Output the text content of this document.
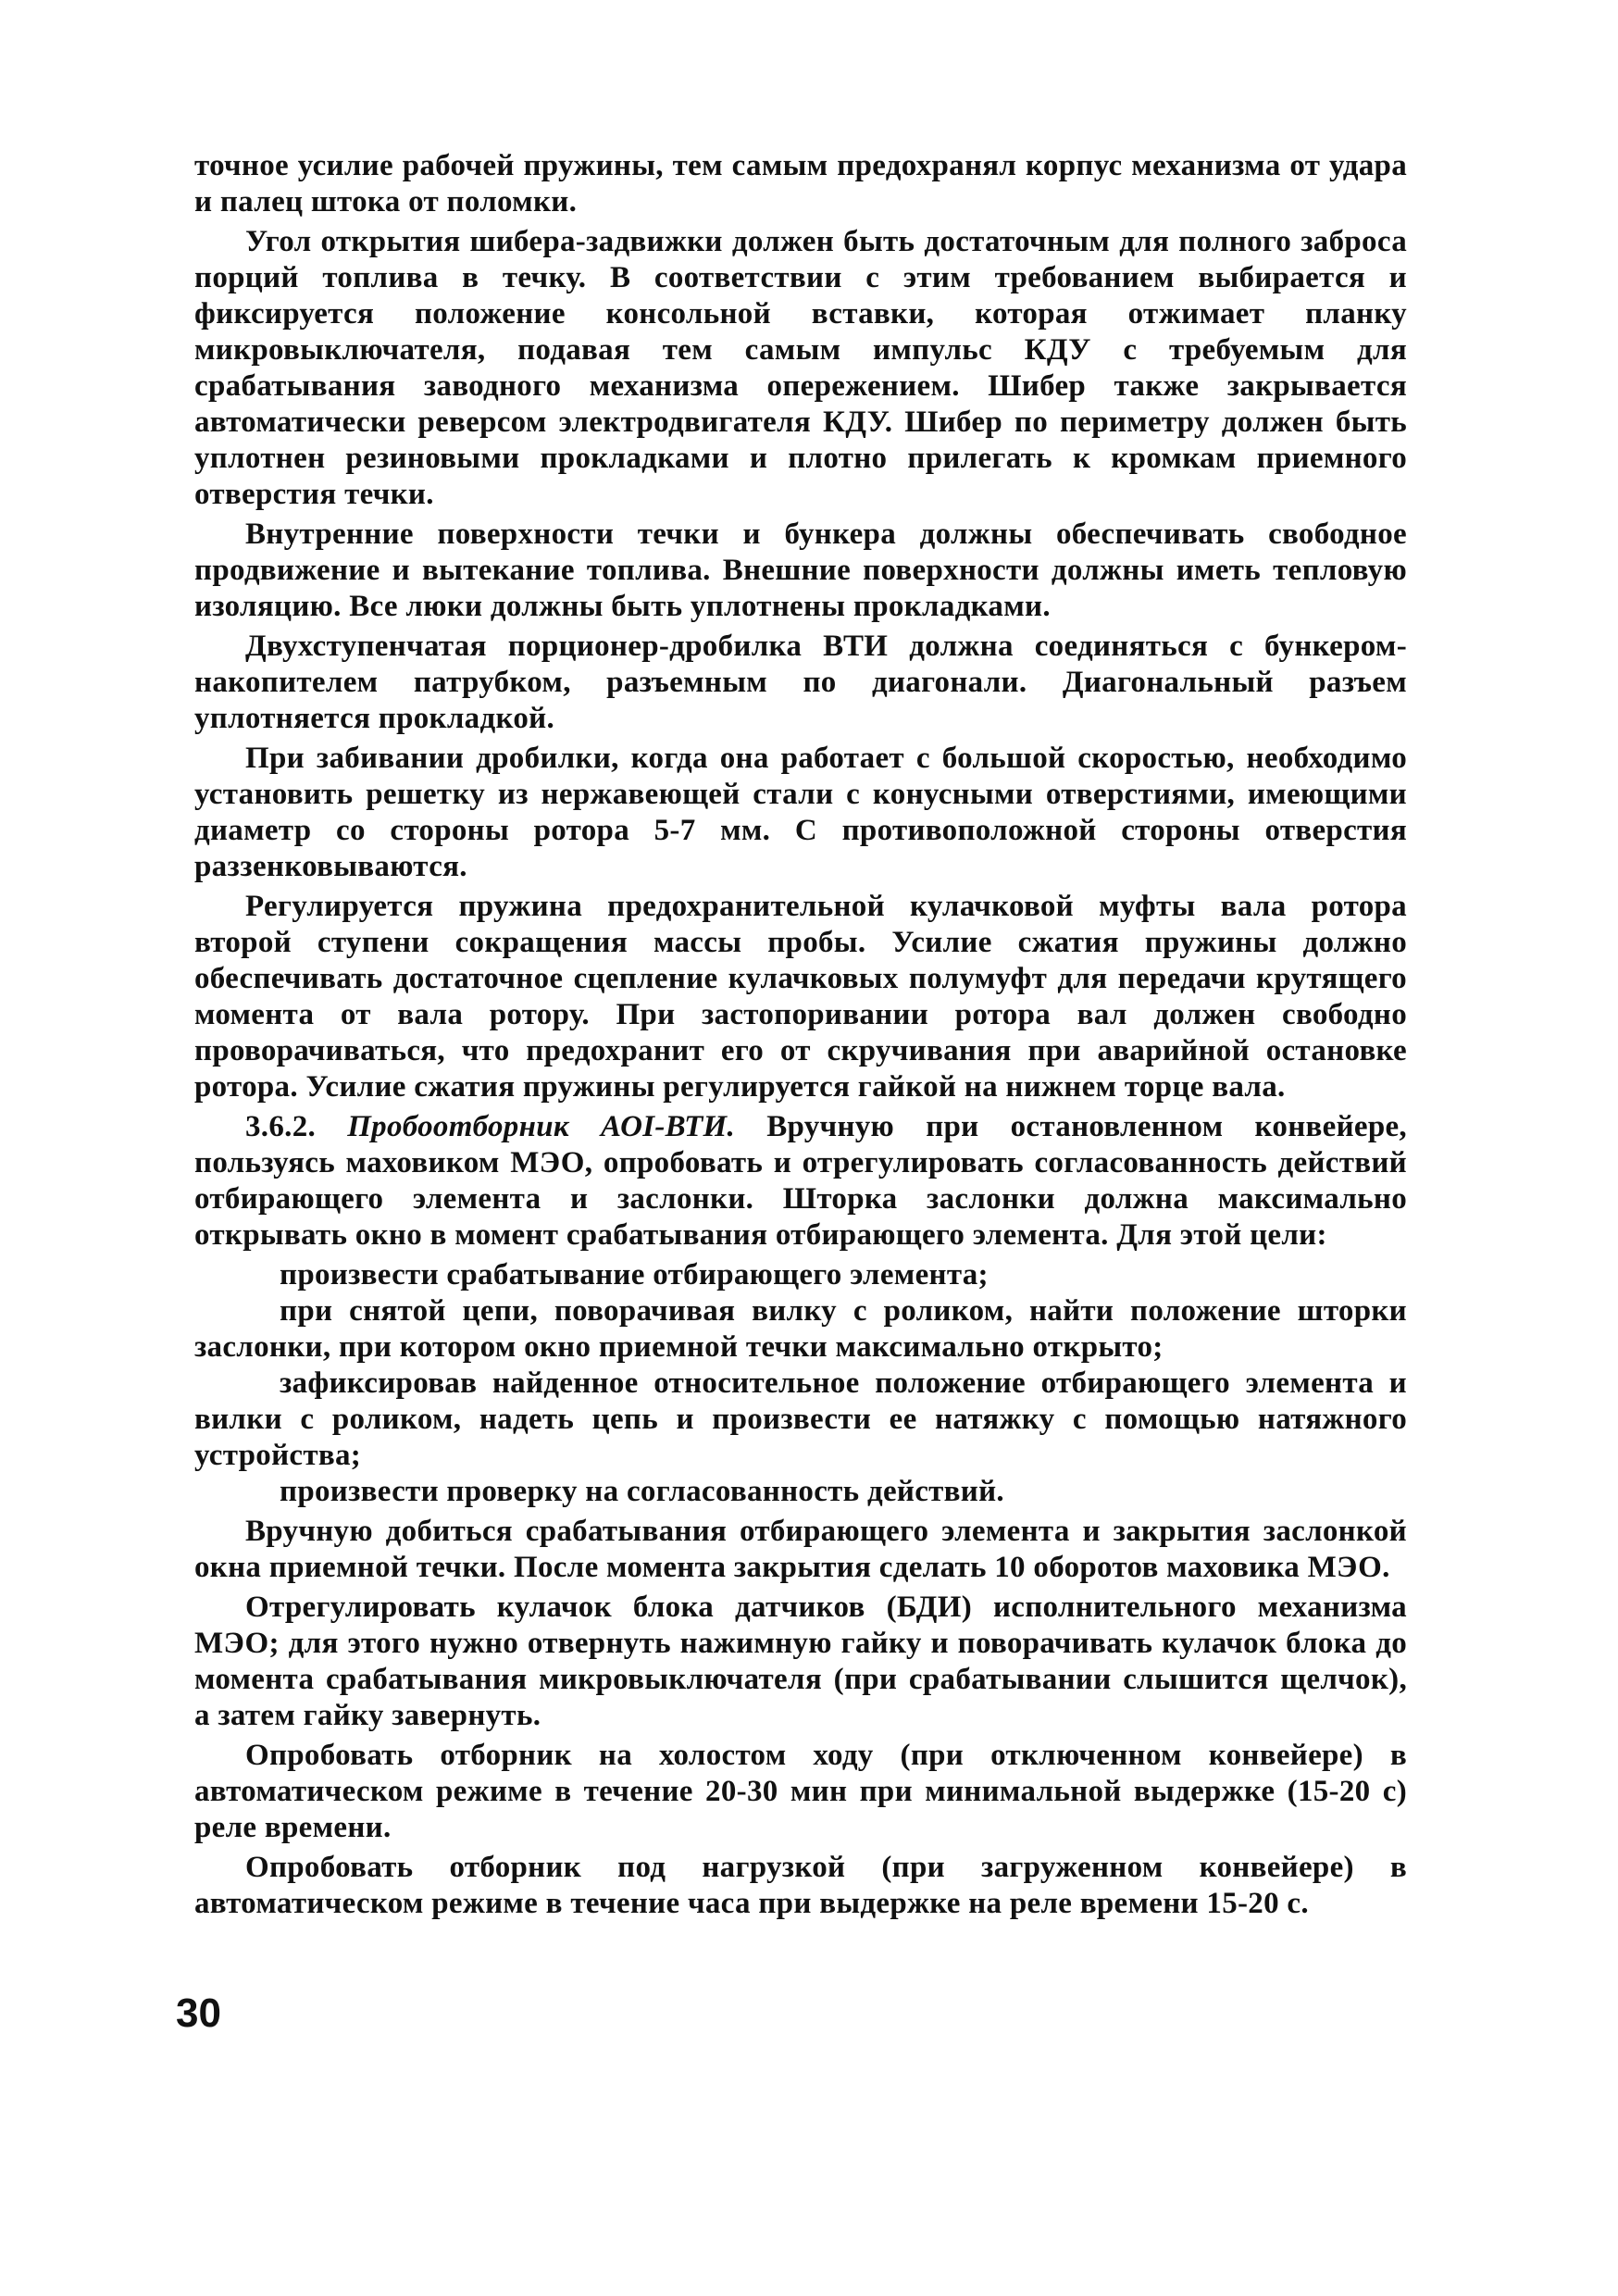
точное усилие рабочей пружины, тем самым предохранял корпус механизма от удара и палец штока от поломки.

Угол открытия шибера-задвижки должен быть достаточным для полного заброса порций топлива в течку. В соответствии с этим требованием выбирается и фиксируется положение консольной вставки, которая отжимает планку микровыключателя, подавая тем самым импульс КДУ с требуемым для срабатывания заводного механизма опережением. Шибер также закрывается автоматически реверсом электродвигателя КДУ. Шибер по периметру должен быть уплотнен резиновыми прокладками и плотно прилегать к кромкам приемного отверстия течки.

Внутренние поверхности течки и бункера должны обеспечивать свободное продвижение и вытекание топлива. Внешние поверхности должны иметь тепловую изоляцию. Все люки должны быть уплотнены прокладками.

Двухступенчатая порционер-дробилка ВТИ должна соединяться с бункером-накопителем патрубком, разъемным по диагонали. Диагональный разъем уплотняется прокладкой.

При забивании дробилки, когда она работает с большой скоростью, необходимо установить решетку из нержавеющей стали с конусными отверстиями, имеющими диаметр со стороны ротора 5-7 мм. С противоположной стороны отверстия раззенковываются.

Регулируется пружина предохранительной кулачковой муфты вала ротора второй ступени сокращения массы пробы. Усилие сжатия пружины должно обеспечивать достаточное сцепление кулачковых полумуфт для передачи крутящего момента от вала ротору. При застопоривании ротора вал должен свободно проворачиваться, что предохранит его от скручивания при аварийной остановке ротора. Усилие сжатия пружины регулируется гайкой на нижнем торце вала.

3.6.2. Пробоотборник АОI-ВТИ. Вручную при остановленном конвейере, пользуясь маховиком МЭО, опробовать и отрегулировать согласованность действий отбирающего элемента и заслонки. Шторка заслонки должна максимально открывать окно в момент срабатывания отбирающего элемента. Для этой цели:

произвести срабатывание отбирающего элемента;

при снятой цепи, поворачивая вилку с роликом, найти положение шторки заслонки, при котором окно приемной течки максимально открыто;

зафиксировав найденное относительное положение отбирающего элемента и вилки с роликом, надеть цепь и произвести ее натяжку с помощью натяжного устройства;

произвести проверку на согласованность действий.

Вручную добиться срабатывания отбирающего элемента и закрытия заслонкой окна приемной течки. После момента закрытия сделать 10 оборотов маховика МЭО.

Отрегулировать кулачок блока датчиков (БДИ) исполнительного механизма МЭО; для этого нужно отвернуть нажимную гайку и поворачивать кулачок блока до момента срабатывания микровыключателя (при срабатывании слышится щелчок), а затем гайку завернуть.

Опробовать отборник на холостом ходу (при отключенном конвейере) в автоматическом режиме в течение 20-30 мин при минимальной выдержке (15-20 с) реле времени.

Опробовать отборник под нагрузкой (при загруженном конвейере) в автоматическом режиме в течение часа при выдержке на реле времени 15-20 с.

30
